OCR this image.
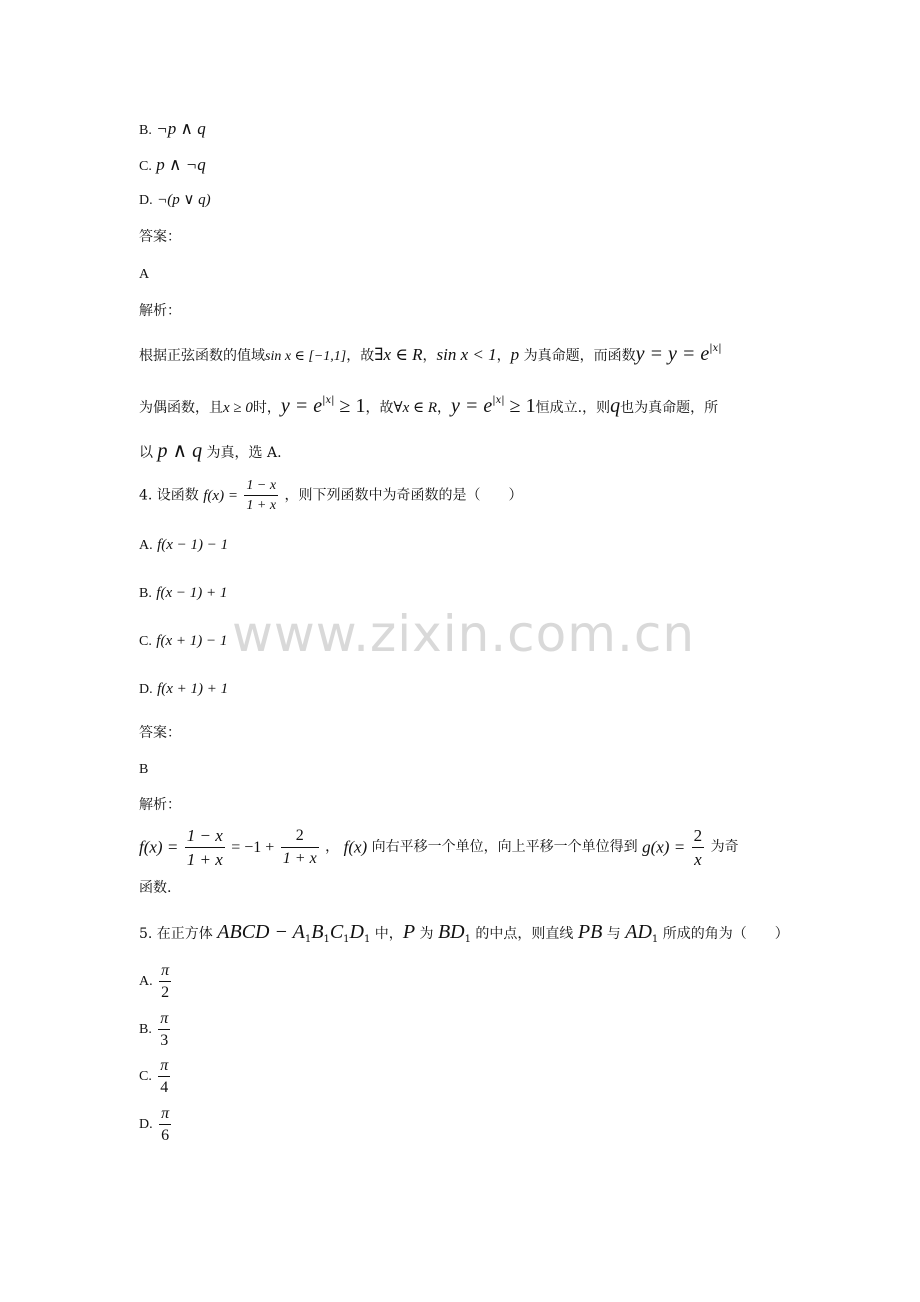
www.zixin.com.cn
B. ¬p ∧ q
C. p ∧ ¬q
D. ¬(p ∨ q)
答案：
A
解析：
根据正弦函数的值域sin x ∈ [−1,1]，故∃x ∈ R，sin x < 1，p 为真命题，而函数$y = y = e^{|x|}$
为偶函数，且x ≥ 0时，$y = e^{|x|} \ge 1$，故∀x ∈ R，$y = e^{|x|} \ge 1$恒成立.，则q也为真命题，所
以 p ∧ q 为真，选 A.
4. 设函数 $f(x) = \frac{1 - x}{1 + x}$ ，则下列函数中为奇函数的是（　　）
A. f(x − 1) − 1
B. f(x − 1) + 1
C. f(x + 1) − 1
D. f(x + 1) + 1
答案：
B
解析：
$f(x) = \frac{1 - x}{1 + x} = -1 + \frac{2}{1 + x}$ ， f(x) 向右平移一个单位，向上平移一个单位得到 $g(x) = \frac{2}{x}$ 为奇
函数.
5. 在正方体 ABCD − $A_1B_1C_1D_1$ 中，P 为 $BD_1$ 的中点，则直线 PB 与 $AD_1$ 所成的角为（　　）
A. $\frac{\pi}{2}$
B. $\frac{\pi}{3}$
C. $\frac{\pi}{4}$
D. $\frac{\pi}{6}$
